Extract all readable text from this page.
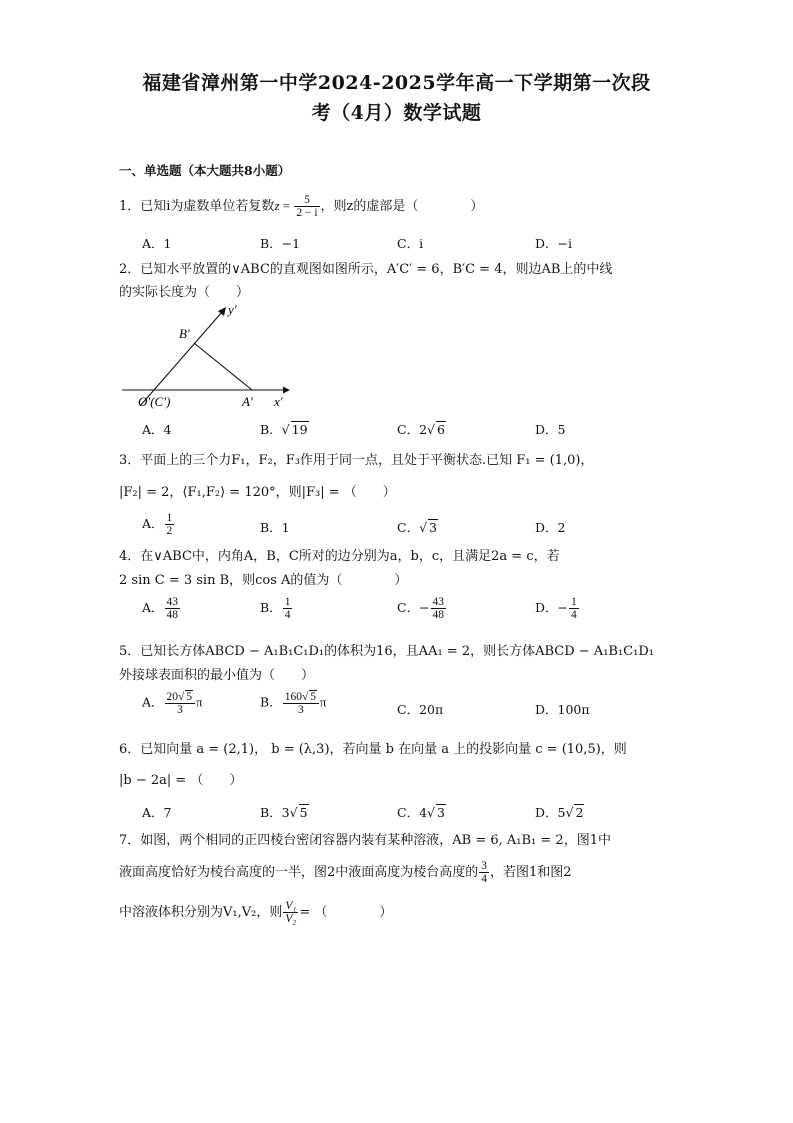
福建省漳州第一中学2024-2025学年高一下学期第一次段
考（4月）数学试题
一、单选题（本大题共8小题）
1．已知i为虚数单位若复数$z = \frac{5}{2 - i}$ ，则z的虚部是（　　　　）
A．1	B．−1	C．i	D．−i
2．已知水平放置的∨ABC的直观图如图所示，A′C′ = 6，B′C = 4，则边AB上的中线
的实际长度为（　　）
B′
y′
O′(C′)	A′ x′
A．4	B．√ 19	C．2√ 6	D．5
3．平面上的三个力F₁，F₂，F₃作用于同一点，且处于平衡状态.已知 F₁ = (1,0)，
|F₂| = 2，⟨F₁,F₂⟩ = 120°，则|F₃| = （　　）
A． $\frac{1}{2}$	B．1	C．√ 3	D．2
4．在∨ABC中，内角A，B，C所对的边分别为a，b，c，且满足2a = c，若
2 sin C = 3 sin B，则cos A的值为（　　　　）
A． $\frac{43}{48}$	B． $\frac{1}{4}$	C．− $\frac{43}{48}$	D．− $\frac{1}{4}$
5．已知长方体ABCD − A₁B₁C₁D₁的体积为16，且AA₁ = 2，则长方体ABCD − A₁B₁C₁D₁
外接球表面积的最小值为（　　）
A． $\frac{20√ 5}{3}$ π	B． $\frac{160√ 5}{3}$ π	C．20π	D．100π
6．已知向量 a = (2,1)， b = (λ,3)，若向量 b 在向量 a 上的投影向量 c = (10,5)，则
|b − 2a| = （　　）
A．7	B．3√ 5	C．4√ 3	D．5√ 2
7．如图，两个相同的正四棱台密闭容器内装有某种溶液，AB = 6, A₁B₁ = 2，图1中
液面高度恰好为棱台高度的一半，图2中液面高度为棱台高度的 $\frac{3}{4}$ ，若图1和图2
中溶液体积分别为V₁,V₂，则 $\frac{\text{V₁}}{\text{V₂}}$ = （　　　　）
